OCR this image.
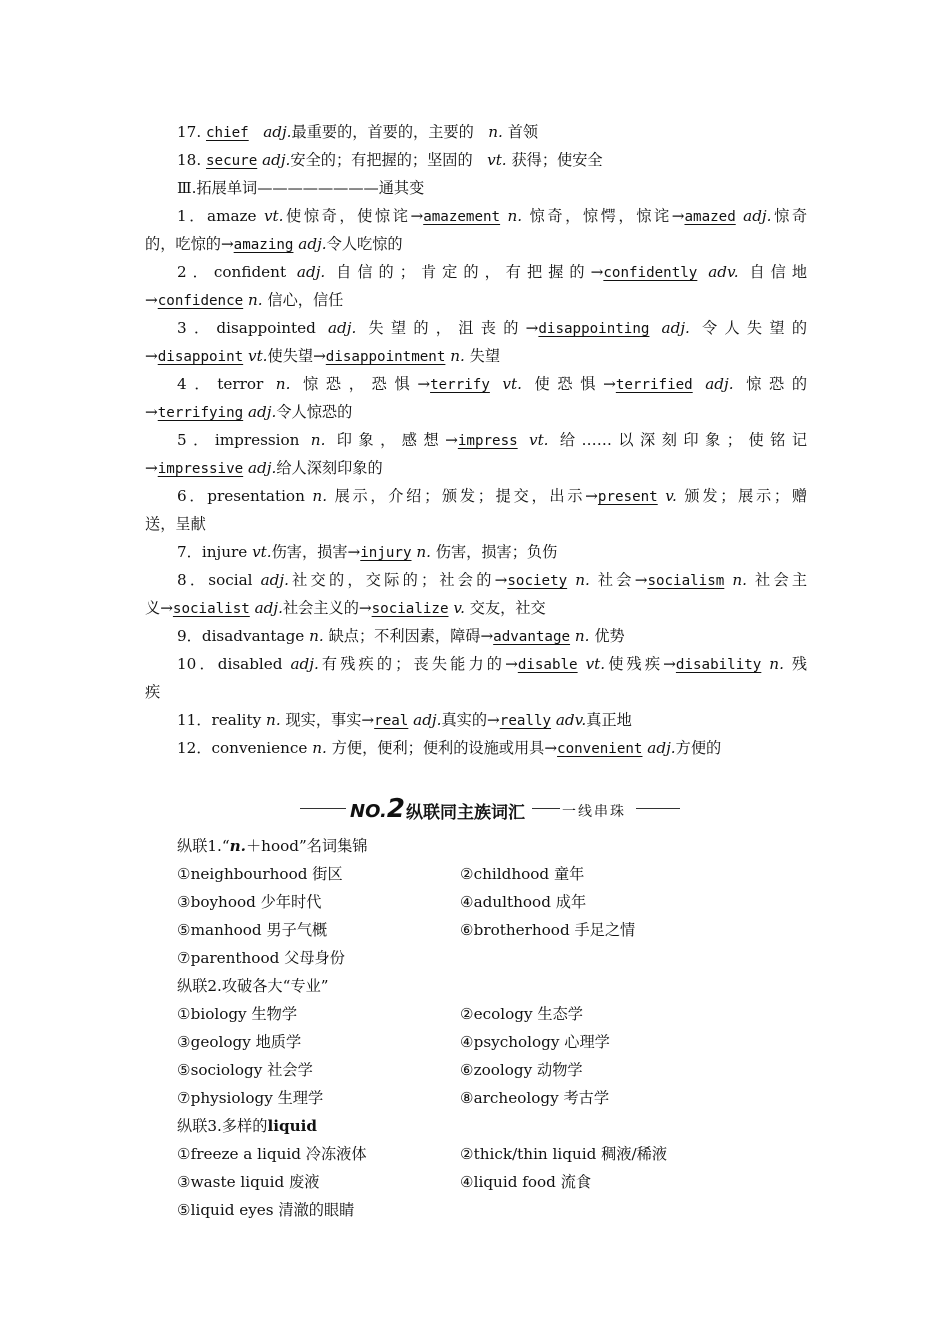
17. chief adj.最重要的，首要的，主要的 n. 首领
18. secure adj.安全的；有把握的；坚固的 vt. 获得；使安全
Ⅲ.拓展单词————————通其变
1．amaze vt.使惊奇，使惊诧→amazement n. 惊奇，惊愕，惊诧→amazed adj.惊奇
的，吃惊的→amazing adj.令人吃惊的
2．confident adj. 自信的；肯定的，有把握的→confidently adv. 自信地
→confidence n. 信心，信任
3．disappointed adj. 失望的，沮丧的→disappointing adj. 令人失望的
→disappoint vt.使失望→disappointment n. 失望
4．terror n. 惊恐，恐惧→terrify vt. 使恐惧→terrified adj. 惊恐的
→terrifying adj.令人惊恐的
5．impression n. 印象，感想→impress vt. 给……以深刻印象；使铭记
→impressive adj.给人深刻印象的
6．presentation n. 展示，介绍；颁发；提交，出示→present v. 颁发；展示；赠
送，呈献
7．injure vt.伤害，损害→injury n. 伤害，损害；负伤
8．social adj.社交的，交际的；社会的→society n. 社会→socialism n. 社会主
义→socialist adj.社会主义的→socialize v. 交友，社交
9．disadvantage n. 缺点；不利因素，障碍→advantage n. 优势
10．disabled adj.有残疾的；丧失能力的→disable vt.使残疾→disability n. 残
疾
11．reality n. 现实，事实→real adj.真实的→really adv.真正地
12．convenience n. 方便，便利；便利的设施或用具→convenient adj.方便的
NO.2 纵联同主族词汇	一线串珠
纵联1.“n.＋hood”名词集锦
①neighbourhood 街区	②childhood 童年
③boyhood 少年时代	④adulthood 成年
⑤manhood 男子气概	⑥brotherhood 手足之情
⑦parenthood 父母身份
纵联2.攻破各大“专业”
①biology 生物学	②ecology 生态学
③geology 地质学	④psychology 心理学
⑤sociology 社会学	⑥zoology 动物学
⑦physiology 生理学	⑧archeology 考古学
纵联3.多样的liquid
①freeze a liquid 冷冻液体	②thick/thin liquid 稠液/稀液
③waste liquid 废液	④liquid food 流食
⑤liquid eyes 清澈的眼睛
